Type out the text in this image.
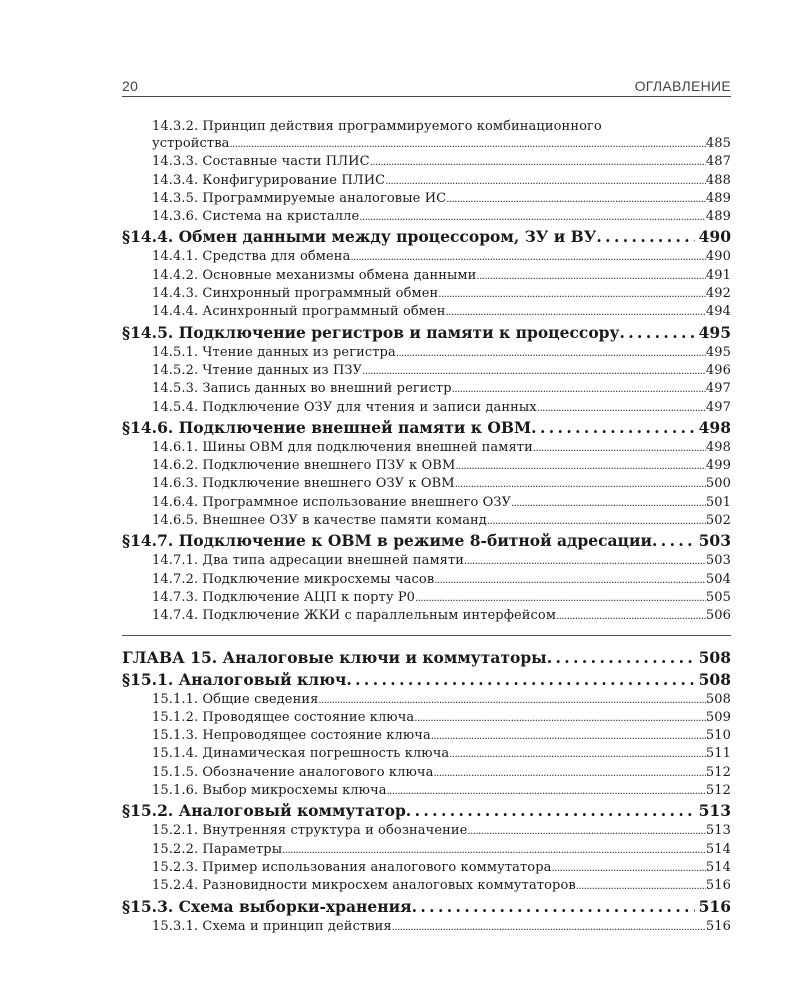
20	ОГЛАВЛЕНИЕ
14.3.2. Принцип действия программируемого комбинационного
устройства .....	485
14.3.3. Составные части ПЛИС .....	487
14.3.4. Конфигурирование ПЛИС .....	488
14.3.5. Программируемые аналоговые ИС .....	489
14.3.6. Система на кристалле .....	489
§14.4. Обмен данными между процессором, ЗУ и ВУ . . .	490
14.4.1. Средства для обмена .....	490
14.4.2. Основные механизмы обмена данными .....	491
14.4.3. Синхронный программный обмен .....	492
14.4.4. Асинхронный программный обмен .....	494
§14.5. Подключение регистров и памяти к процессору . . .	495
14.5.1. Чтение данных из регистра .....	495
14.5.2. Чтение данных из ПЗУ .....	496
14.5.3. Запись данных во внешний регистр .....	497
14.5.4. Подключение ОЗУ для чтения и записи данных .....	497
§14.6. Подключение внешней памяти к ОВМ . . .	498
14.6.1. Шины ОВМ для подключения внешней памяти .....	498
14.6.2. Подключение внешнего ПЗУ к ОВМ .....	499
14.6.3. Подключение внешнего ОЗУ к ОВМ .....	500
14.6.4. Программное использование внешнего ОЗУ .....	501
14.6.5. Внешнее ОЗУ в качестве памяти команд .....	502
§14.7. Подключение к ОВМ в режиме 8-битной адресации . . .	503
14.7.1. Два типа адресации внешней памяти .....	503
14.7.2. Подключение микросхемы часов .....	504
14.7.3. Подключение АЦП к порту Р0 .....	505
14.7.4. Подключение ЖКИ с параллельным интерфейсом .....	506
ГЛАВА 15. Аналоговые ключи и коммутаторы . . .	508
§15.1. Аналоговый ключ . . .	508
15.1.1. Общие сведения .....	508
15.1.2. Проводящее состояние ключа .....	509
15.1.3. Непроводящее состояние ключа .....	510
15.1.4. Динамическая погрешность ключа .....	511
15.1.5. Обозначение аналогового ключа .....	512
15.1.6. Выбор микросхемы ключа .....	512
§15.2. Аналоговый коммутатор . . .	513
15.2.1. Внутренняя структура и обозначение .....	513
15.2.2. Параметры .....	514
15.2.3. Пример использования аналогового коммутатора .....	514
15.2.4. Разновидности микросхем аналоговых коммутаторов .....	516
§15.3. Схема выборки-хранения . . .	516
15.3.1. Схема и принцип действия .....	516
